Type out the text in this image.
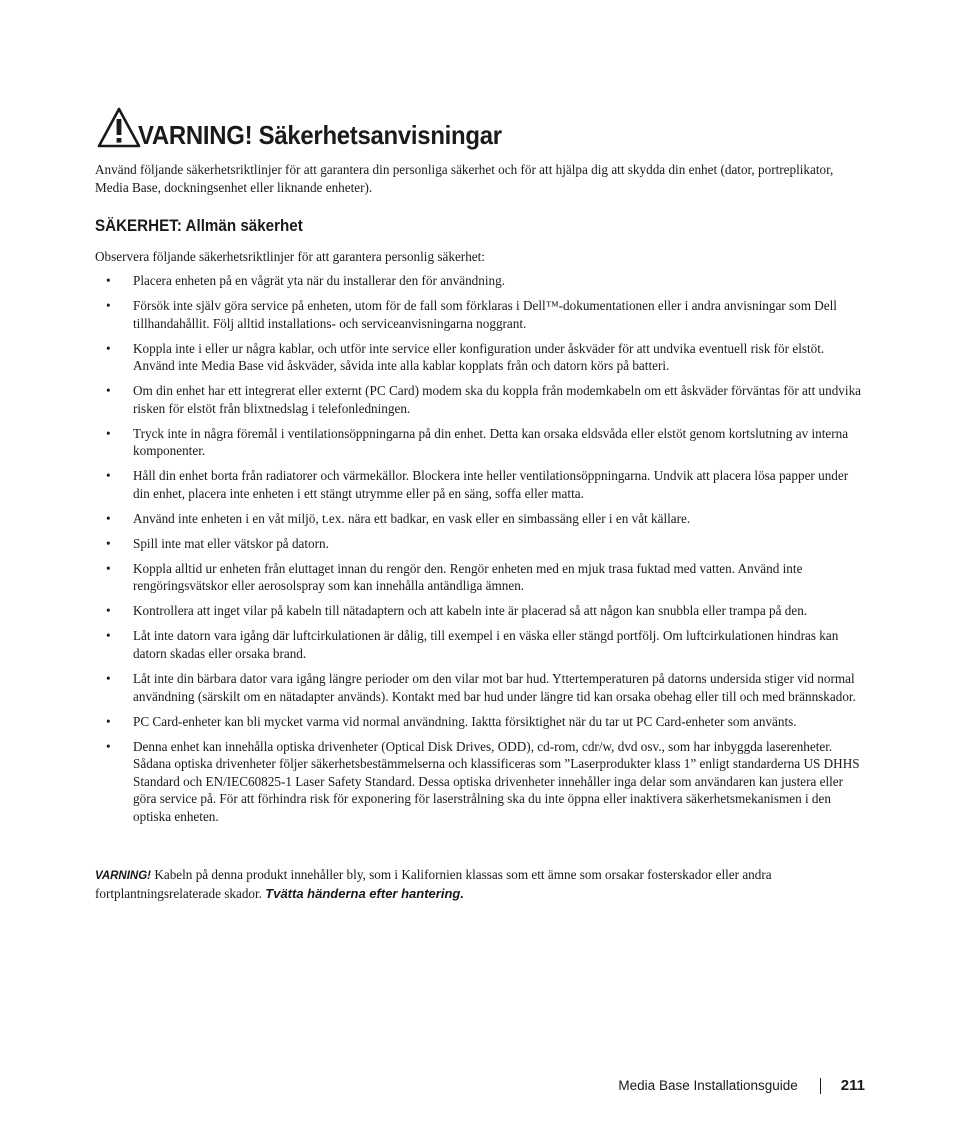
VARNING! Säkerhetsanvisningar

Använd följande säkerhetsriktlinjer för att garantera din personliga säkerhet och för att hjälpa dig att skydda din enhet (dator, portreplikator, Media Base, dockningsenhet eller liknande enheter).

SÄKERHET: Allmän säkerhet

Observera följande säkerhetsriktlinjer för att garantera personlig säkerhet:

• Placera enheten på en vågrät yta när du installerar den för användning.
• Försök inte själv göra service på enheten, utom för de fall som förklaras i Dell™-dokumentationen eller i andra anvisningar som Dell tillhandahållit. Följ alltid installations- och serviceanvisningarna noggrant.
• Koppla inte i eller ur några kablar, och utför inte service eller konfiguration under åskväder för att undvika eventuell risk för elstöt. Använd inte Media Base vid åskväder, såvida inte alla kablar kopplats från och datorn körs på batteri.
• Om din enhet har ett integrerat eller externt (PC Card) modem ska du koppla från modemkabeln om ett åskväder förväntas för att undvika risken för elstöt från blixtnedslag i telefonledningen.
• Tryck inte in några föremål i ventilationsöppningarna på din enhet. Detta kan orsaka eldsvåda eller elstöt genom kortslutning av interna komponenter.
• Håll din enhet borta från radiatorer och värmekällor. Blockera inte heller ventilationsöppningarna. Undvik att placera lösa papper under din enhet, placera inte enheten i ett stängt utrymme eller på en säng, soffa eller matta.
• Använd inte enheten i en våt miljö, t.ex. nära ett badkar, en vask eller en simbassäng eller i en våt källare.
• Spill inte mat eller vätskor på datorn.
• Koppla alltid ur enheten från eluttaget innan du rengör den. Rengör enheten med en mjuk trasa fuktad med vatten. Använd inte rengöringsvätskor eller aerosolspray som kan innehålla antändliga ämnen.
• Kontrollera att inget vilar på kabeln till nätadaptern och att kabeln inte är placerad så att någon kan snubbla eller trampa på den.
• Låt inte datorn vara igång där luftcirkulationen är dålig, till exempel i en väska eller stängd portfölj. Om luftcirkulationen hindras kan datorn skadas eller orsaka brand.
• Låt inte din bärbara dator vara igång längre perioder om den vilar mot bar hud. Yttertemperaturen på datorns undersida stiger vid normal användning (särskilt om en nätadapter används). Kontakt med bar hud under längre tid kan orsaka obehag eller till och med brännskador.
• PC Card-enheter kan bli mycket varma vid normal användning. Iaktta försiktighet när du tar ut PC Card-enheter som använts.
• Denna enhet kan innehålla optiska drivenheter (Optical Disk Drives, ODD), cd-rom, cdr/w, dvd osv., som har inbyggda laserenheter. Sådana optiska drivenheter följer säkerhetsbestämmelserna och klassificeras som ”Laserprodukter klass 1” enligt standarderna US DHHS Standard och EN/IEC60825-1 Laser Safety Standard. Dessa optiska drivenheter innehåller inga delar som användaren kan justera eller göra service på. För att förhindra risk för exponering för laserstrålning ska du inte öppna eller inaktivera säkerhetsmekanismen i den optiska enheten.

VARNING! Kabeln på denna produkt innehåller bly, som i Kalifornien klassas som ett ämne som orsakar fosterskador eller andra fortplantningsrelaterade skador. Tvätta händerna efter hantering.

Media Base Installationsguide	211
